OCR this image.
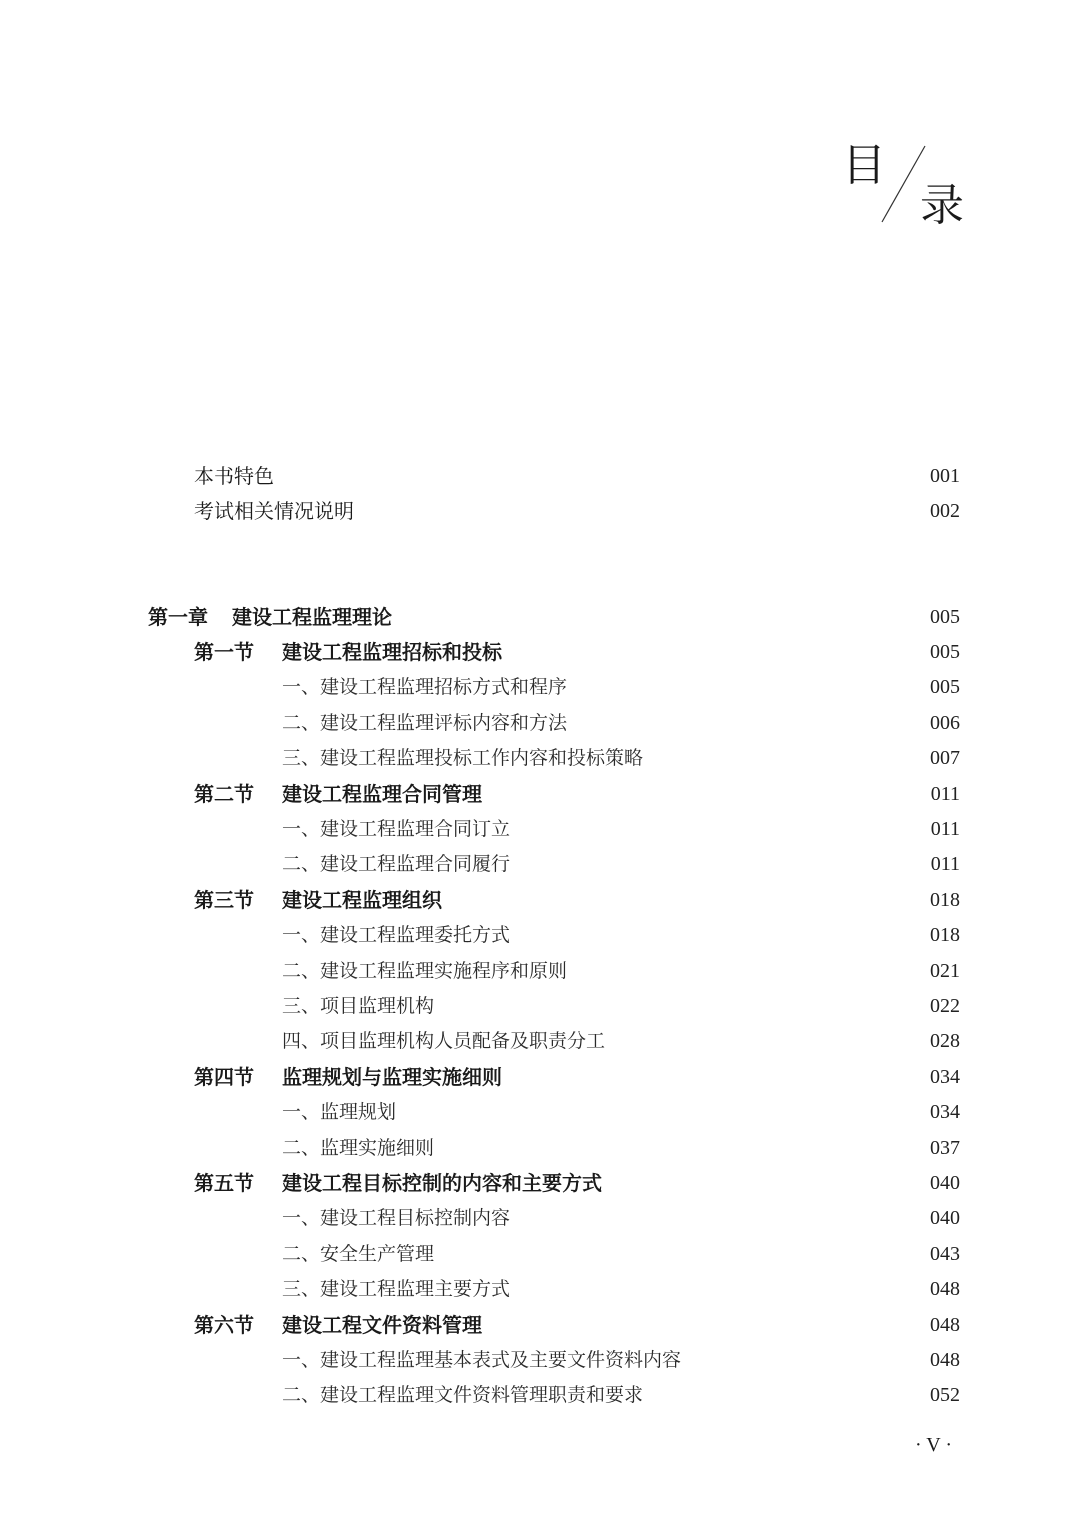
目
录
本书特色	001
考试相关情况说明	002
第一章 建设工程监理理论	005
第一节 建设工程监理招标和投标	005
一、建设工程监理招标方式和程序	005
二、建设工程监理评标内容和方法	006
三、建设工程监理投标工作内容和投标策略	007
第二节 建设工程监理合同管理	011
一、建设工程监理合同订立	011
二、建设工程监理合同履行	011
第三节 建设工程监理组织	018
一、建设工程监理委托方式	018
二、建设工程监理实施程序和原则	021
三、项目监理机构	022
四、项目监理机构人员配备及职责分工	028
第四节 监理规划与监理实施细则	034
一、监理规划	034
二、监理实施细则	037
第五节 建设工程目标控制的内容和主要方式	040
一、建设工程目标控制内容	040
二、安全生产管理	043
三、建设工程监理主要方式	048
第六节 建设工程文件资料管理	048
一、建设工程监理基本表式及主要文件资料内容	048
二、建设工程监理文件资料管理职责和要求	052
· V ·
